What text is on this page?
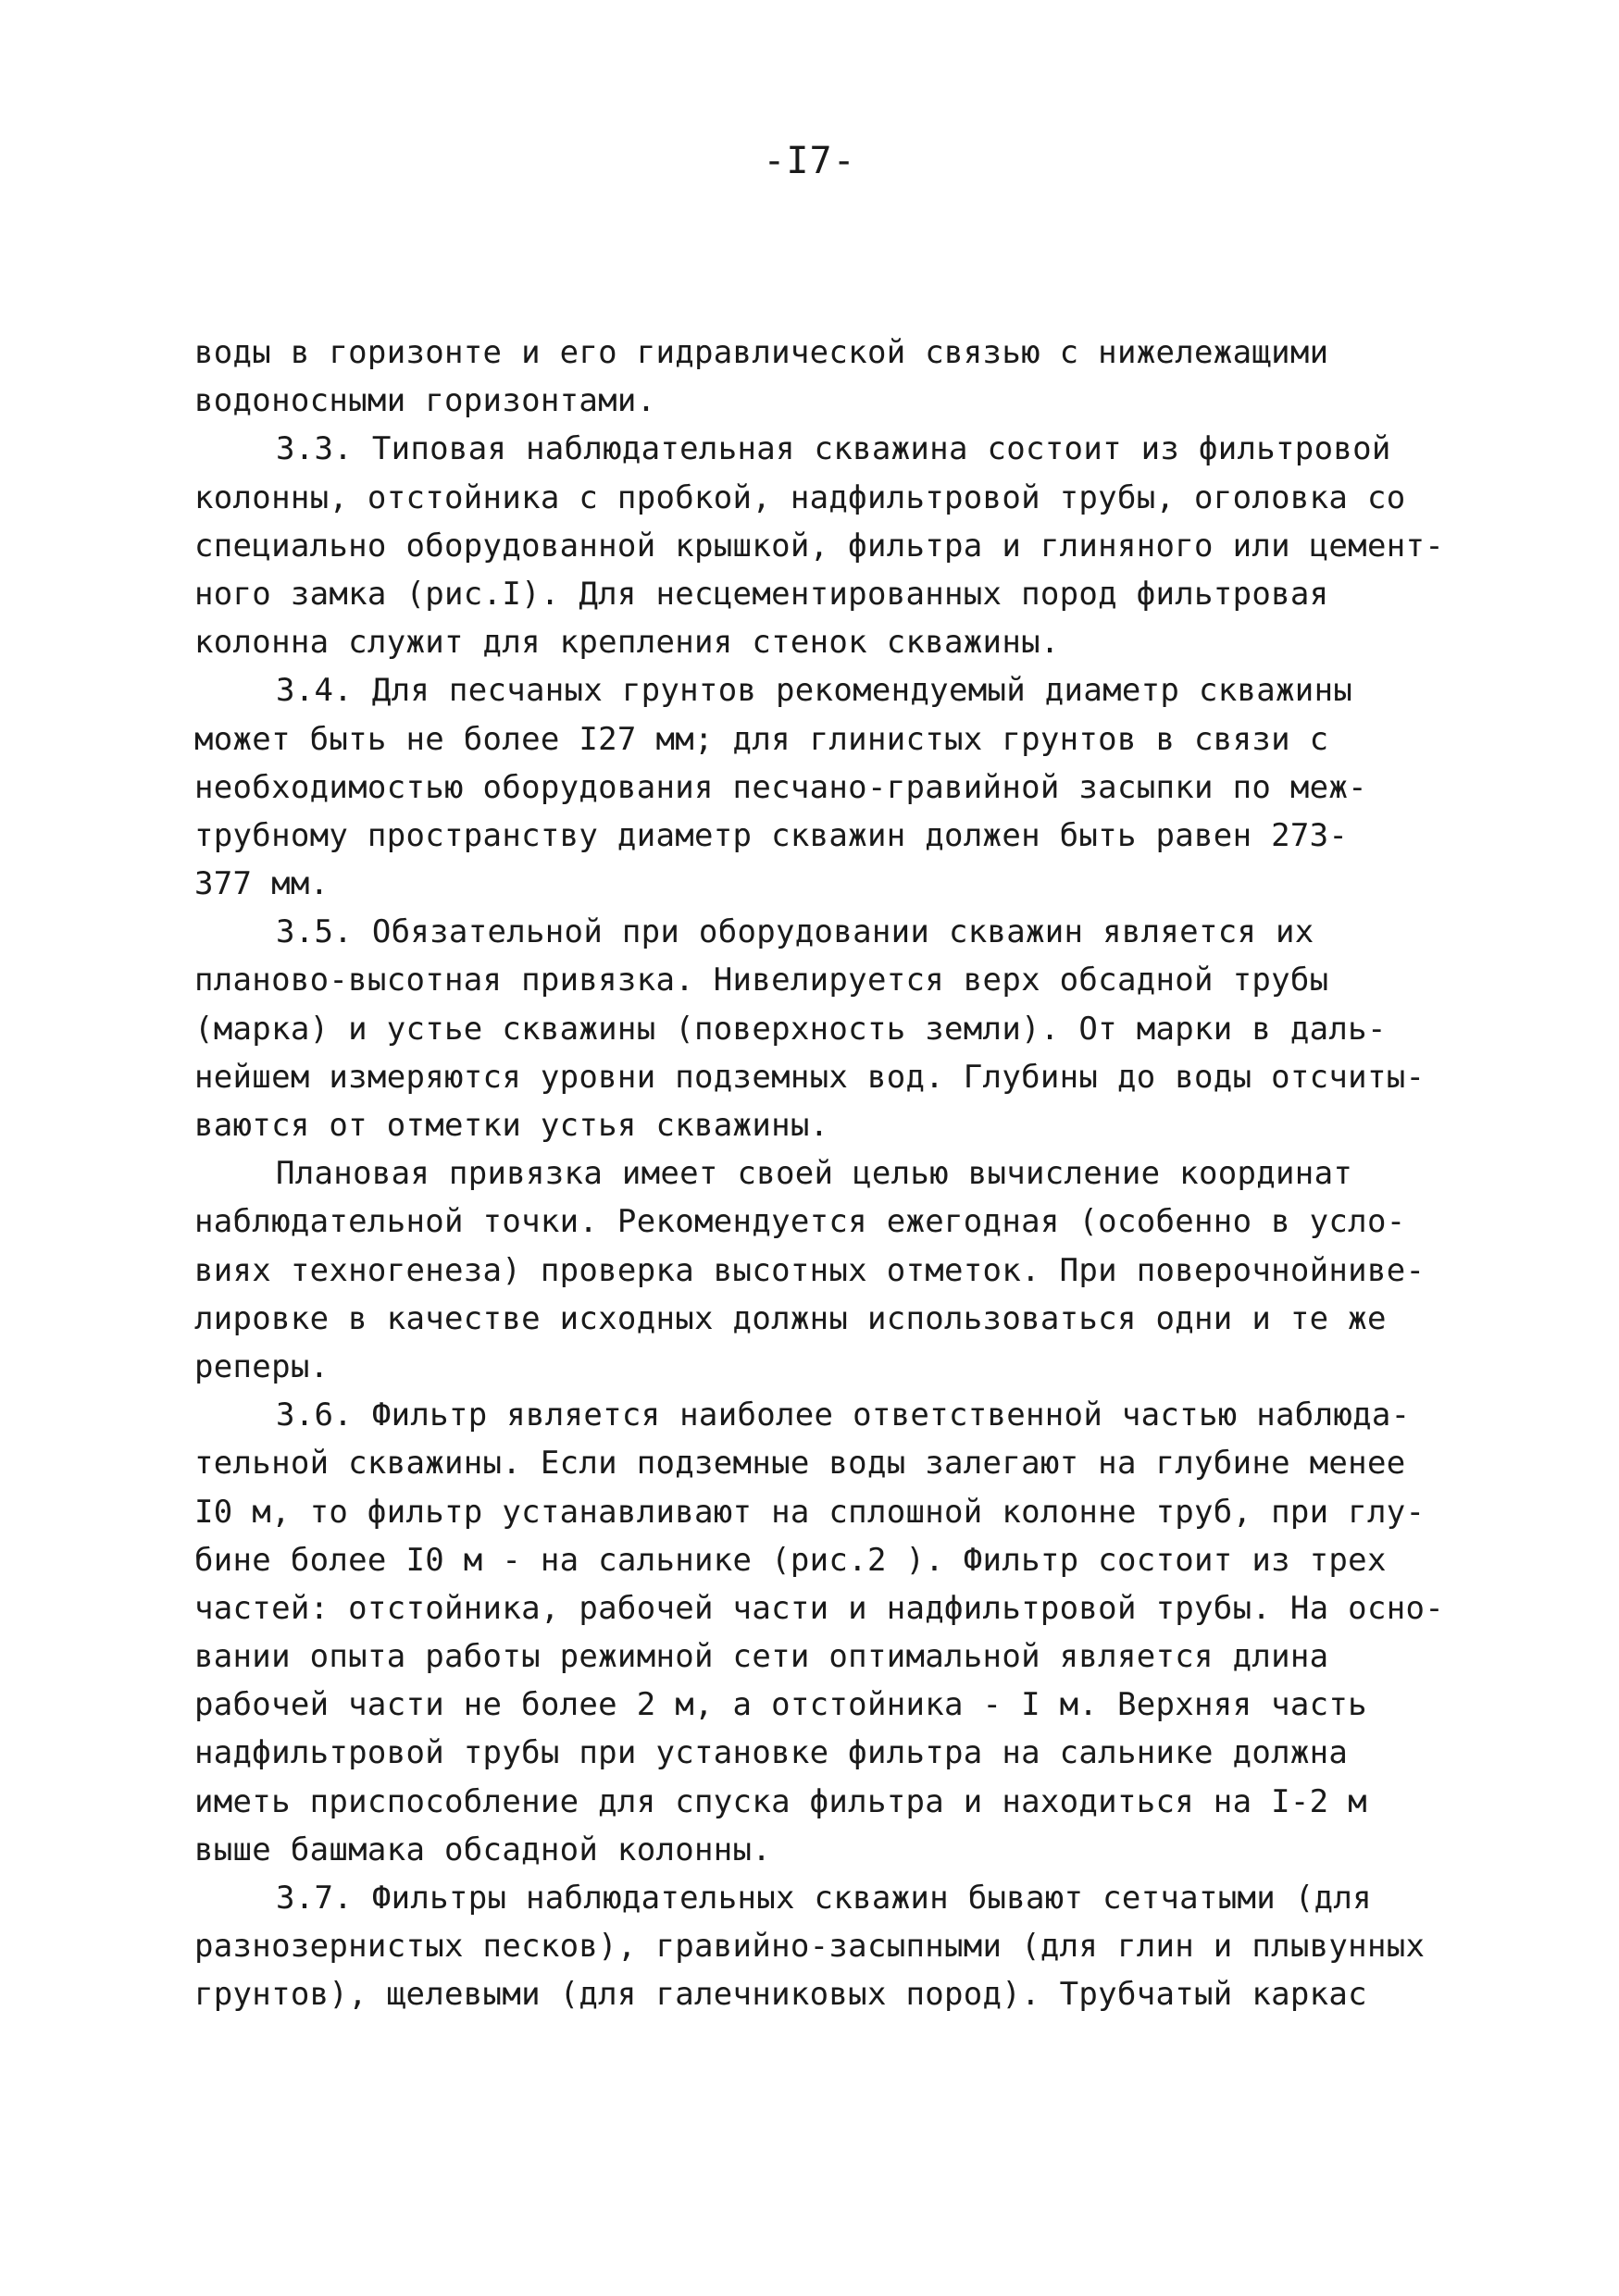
-I7-
воды в горизонте и его гидравлической связью с нижележащими
водоносными горизонтами.
3.3. Типовая наблюдательная скважина состоит из фильтровой
колонны, отстойника с пробкой, надфильтровой трубы, оголовка со
специально оборудованной крышкой, фильтра и глиняного или цемент-
ного замка (рис.I). Для несцементированных пород фильтровая
колонна служит для крепления стенок скважины.
3.4. Для песчаных грунтов рекомендуемый диаметр скважины
может быть не более I27 мм; для глинистых грунтов в связи с
необходимостью оборудования песчано-гравийной засыпки по меж-
трубному пространству диаметр скважин должен быть равен 273-
377 мм.
3.5. Обязательной при оборудовании скважин является их
планово-высотная привязка. Нивелируется верх обсадной трубы
(марка) и устье скважины (поверхность земли). От марки в даль-
нейшем измеряются уровни подземных вод. Глубины до воды отсчиты-
ваются от отметки устья скважины.
Плановая привязка имеет своей целью вычисление координат
наблюдательной точки. Рекомендуется ежегодная (особенно в усло-
виях техногенеза) проверка высотных отметок. При поверочнойниве-
лировке в качестве исходных должны использоваться одни и те же
реперы.
3.6. Фильтр является наиболее ответственной частью наблюда-
тельной скважины. Если подземные воды залегают на глубине менее
I0 м, то фильтр устанавливают на сплошной колонне труб, при глу-
бине более I0 м - на сальнике (рис.2 ). Фильтр состоит из трех
частей: отстойника, рабочей части и надфильтровой трубы. На осно-
вании опыта работы режимной сети оптимальной является длина
рабочей части не более 2 м, а отстойника - I м. Верхняя часть
надфильтровой трубы при установке фильтра на сальнике должна
иметь приспособление для спуска фильтра и находиться на I-2 м
выше башмака обсадной колонны.
3.7. Фильтры наблюдательных скважин бывают сетчатыми (для
разнозернистых песков), гравийно-засыпными (для глин и плывунных
грунтов), щелевыми (для галечниковых пород). Трубчатый каркас
